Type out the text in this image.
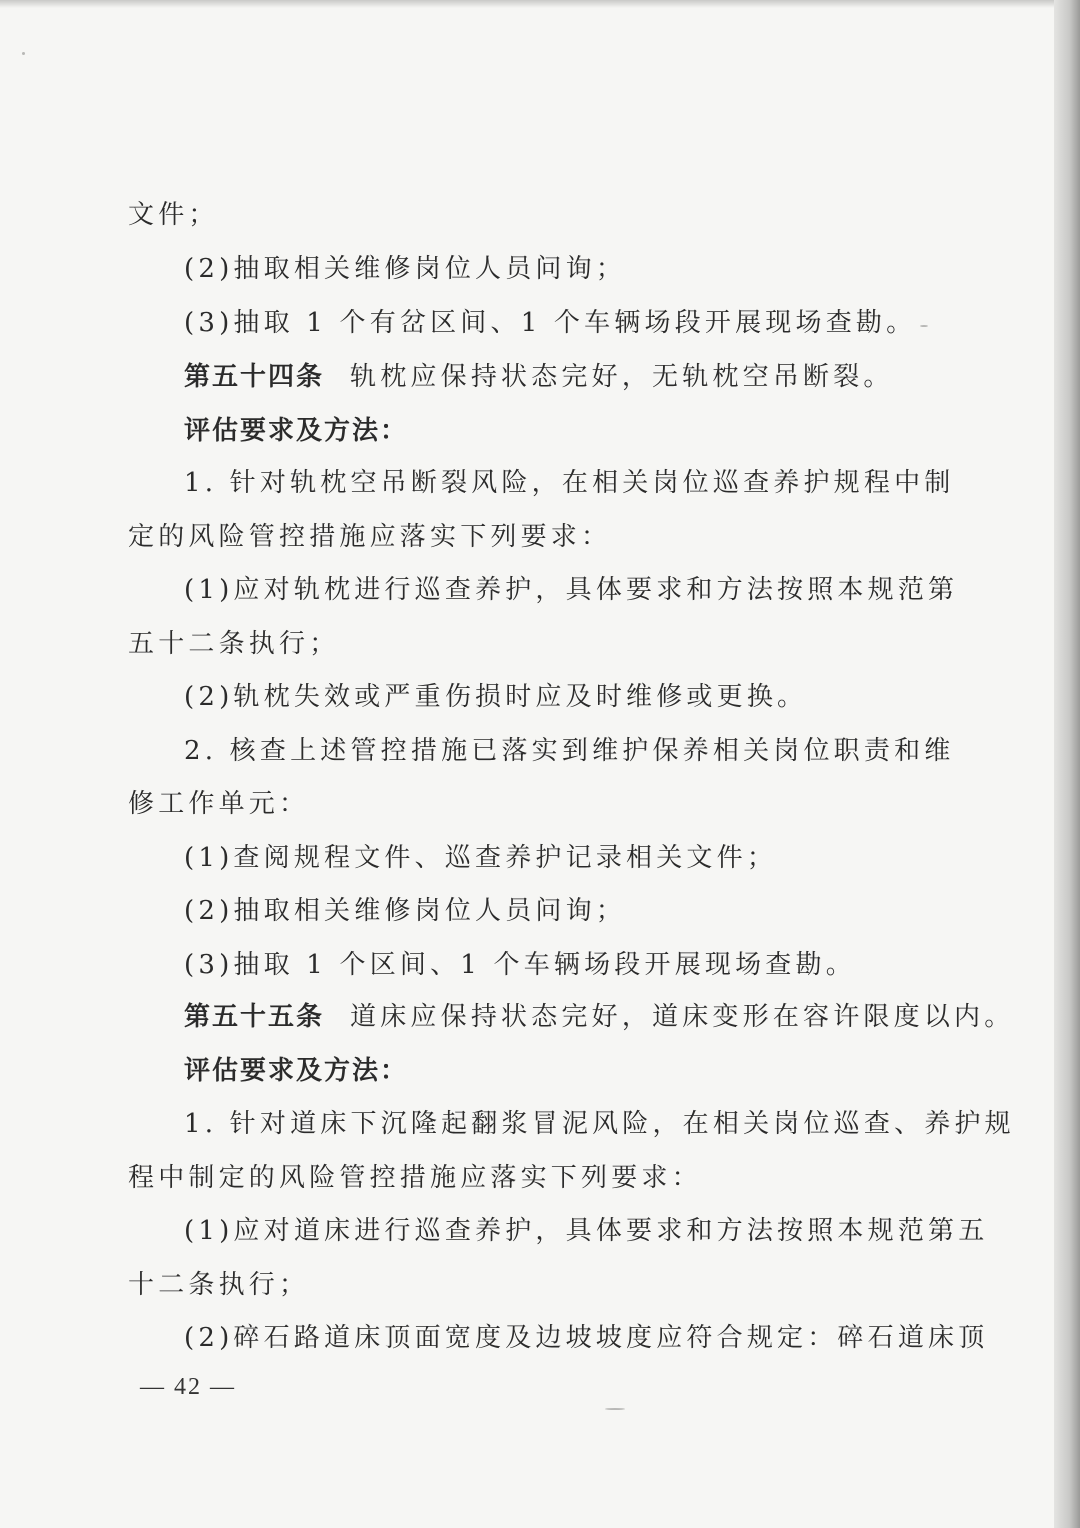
文件；
(2)抽取相关维修岗位人员问询；
(3)抽取 1 个有岔区间、1 个车辆场段开展现场查勘。
第五十四条 轨枕应保持状态完好，无轨枕空吊断裂。
评估要求及方法：
1. 针对轨枕空吊断裂风险，在相关岗位巡查养护规程中制
定的风险管控措施应落实下列要求：
(1)应对轨枕进行巡查养护，具体要求和方法按照本规范第
五十二条执行；
(2)轨枕失效或严重伤损时应及时维修或更换。
2. 核查上述管控措施已落实到维护保养相关岗位职责和维
修工作单元：
(1)查阅规程文件、巡查养护记录相关文件；
(2)抽取相关维修岗位人员问询；
(3)抽取 1 个区间、1 个车辆场段开展现场查勘。
第五十五条 道床应保持状态完好，道床变形在容许限度以内。
评估要求及方法：
1. 针对道床下沉隆起翻浆冒泥风险，在相关岗位巡查、养护规
程中制定的风险管控措施应落实下列要求：
(1)应对道床进行巡查养护，具体要求和方法按照本规范第五
十二条执行；
(2)碎石路道床顶面宽度及边坡坡度应符合规定：碎石道床顶
— 42 —
